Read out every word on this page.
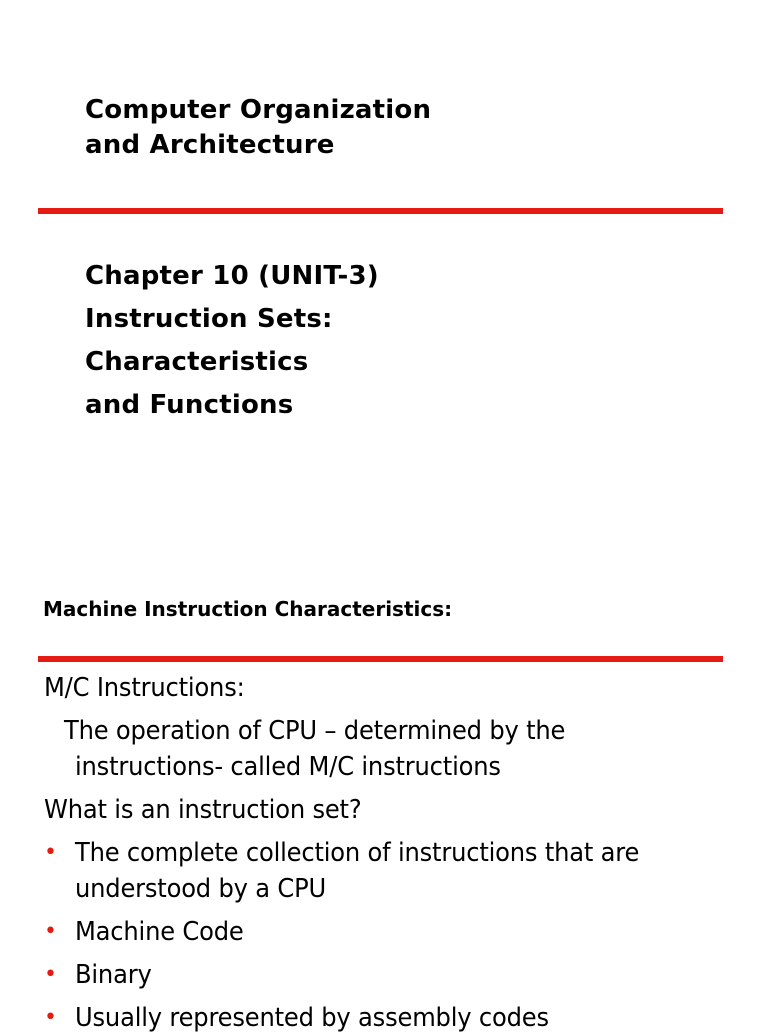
Computer Organization
and Architecture
Chapter 10 (UNIT-3)
Instruction Sets:
Characteristics
and Functions
Machine Instruction Characteristics:
M/C Instructions:
The operation of CPU – determined by the
instructions- called M/C instructions
What is an instruction set?
• The complete collection of instructions that are
understood by a CPU
• Machine Code
• Binary
• Usually represented by assembly codes
